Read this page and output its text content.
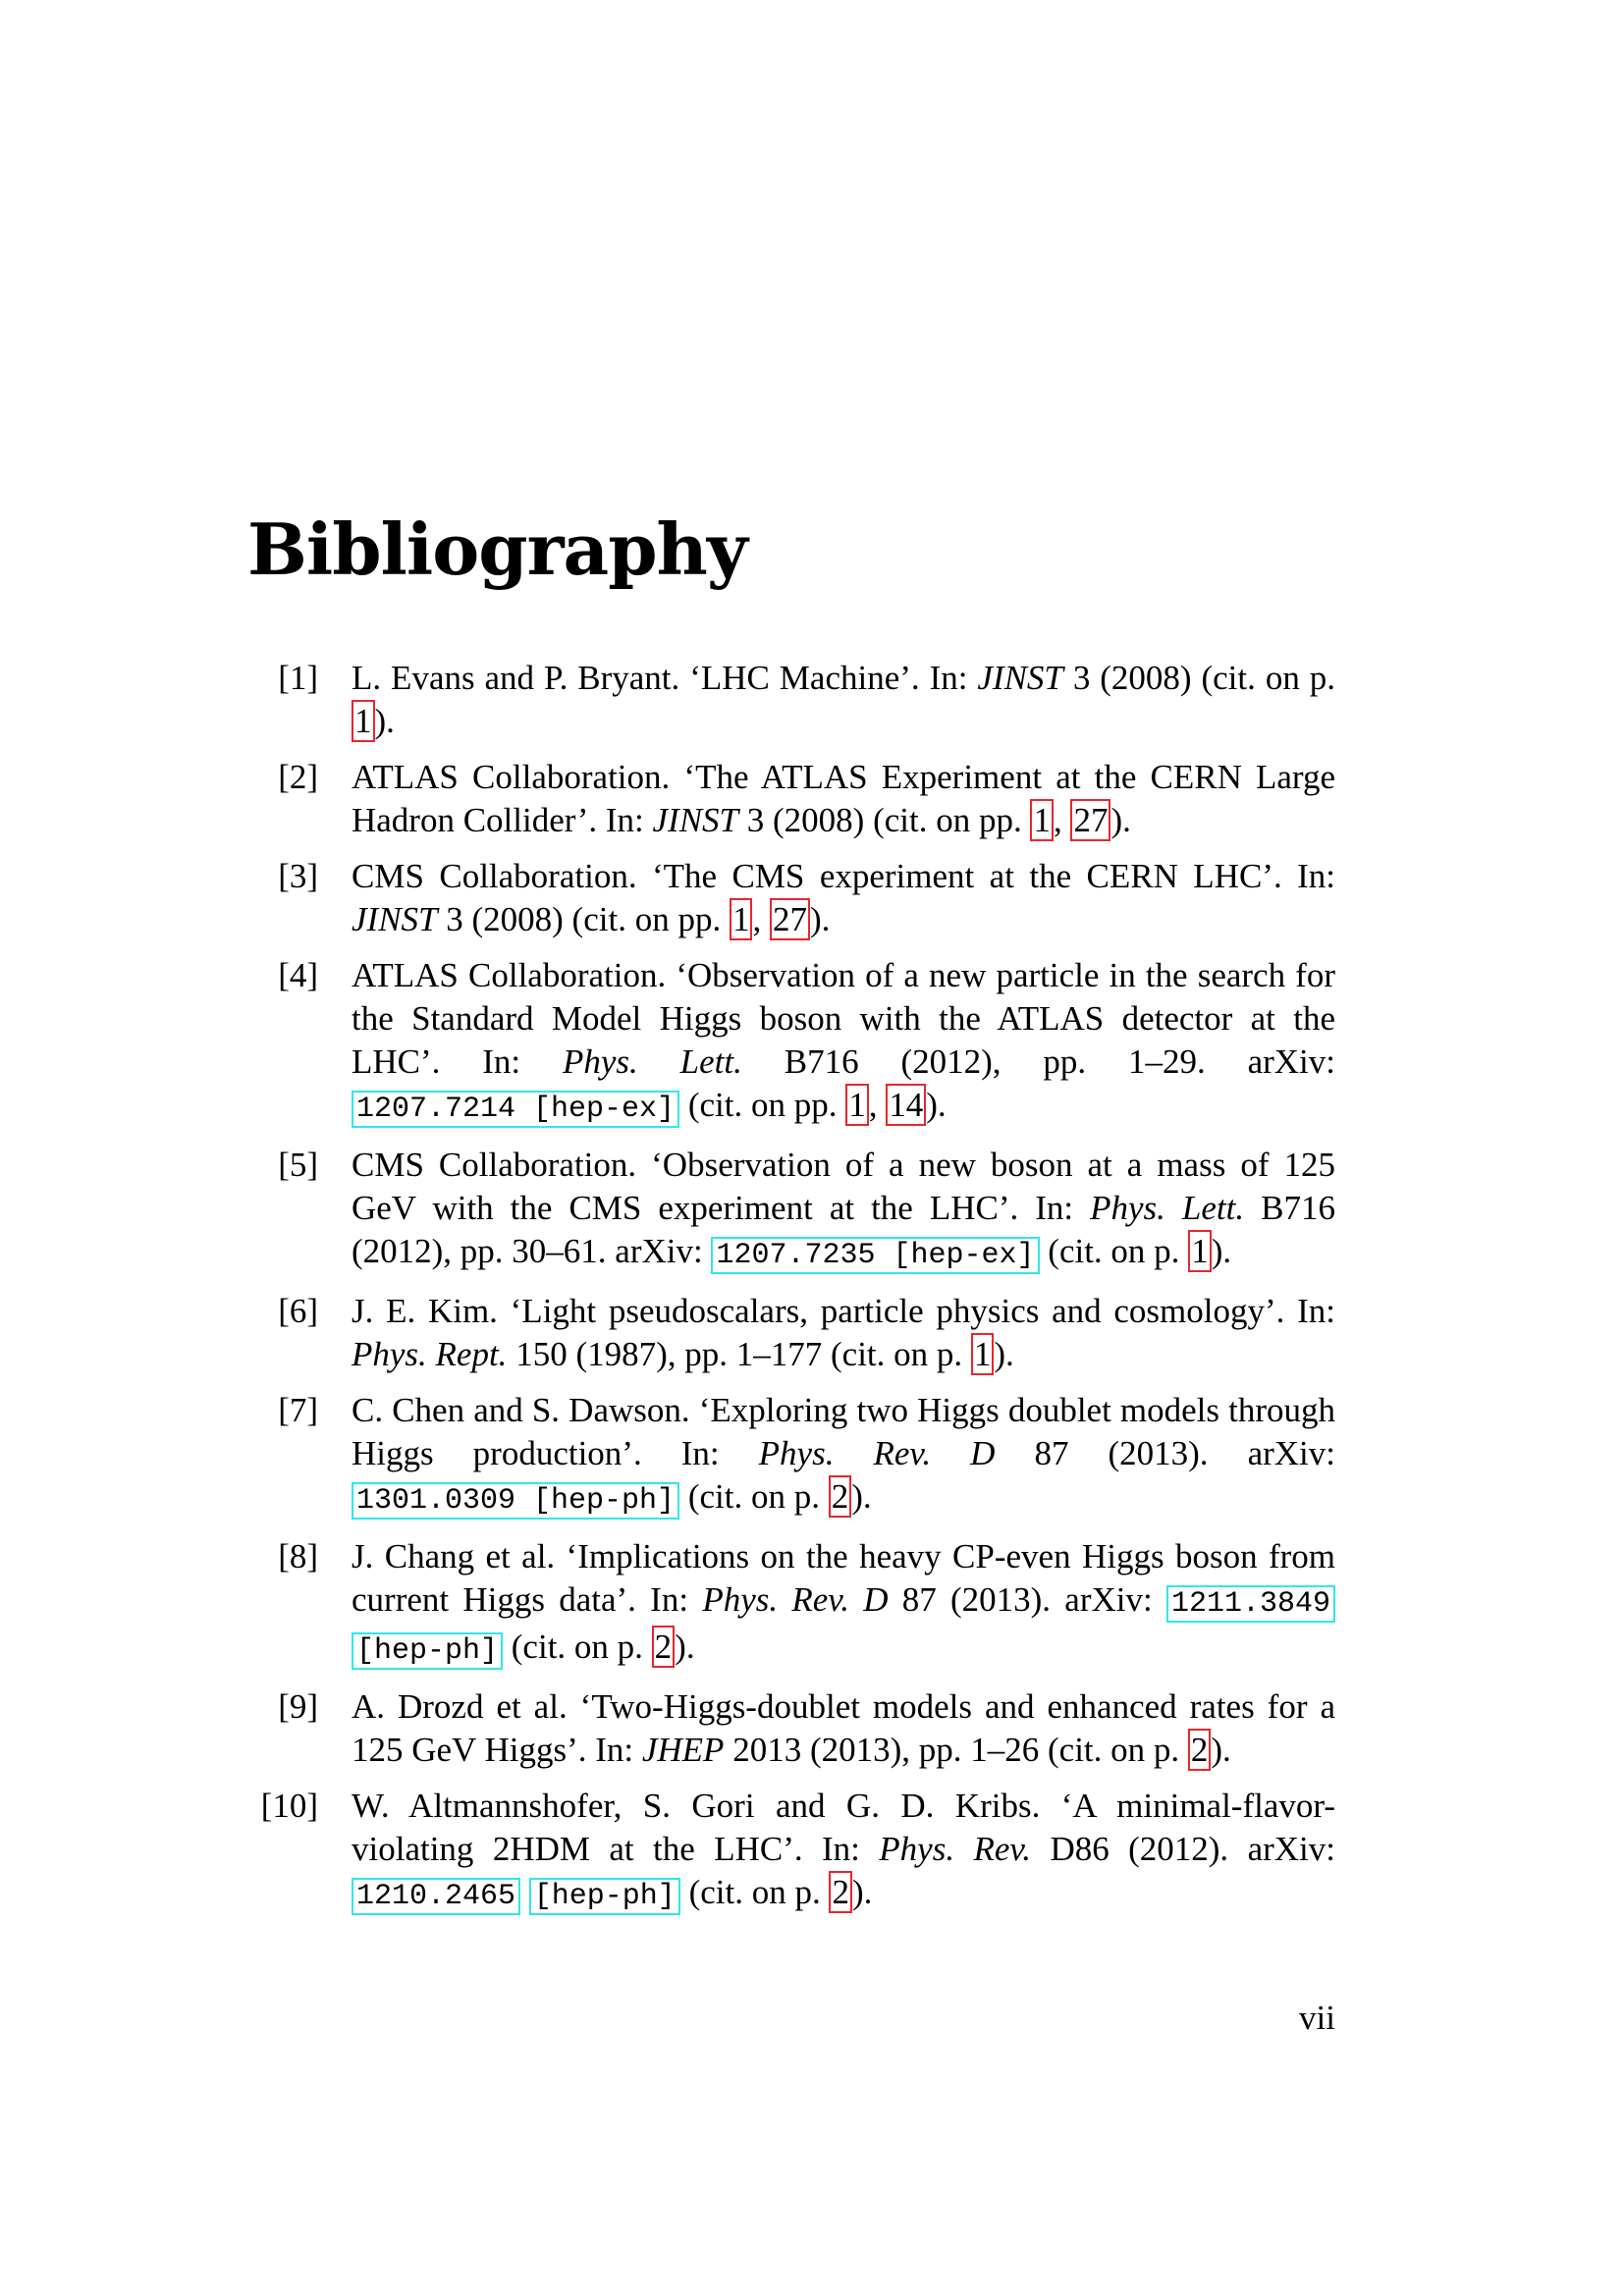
Bibliography
[1] L. Evans and P. Bryant. ‘LHC Machine’. In: JINST 3 (2008) (cit. on p. 1).
[2] ATLAS Collaboration. ‘The ATLAS Experiment at the CERN Large Hadron Collider’. In: JINST 3 (2008) (cit. on pp. 1, 27).
[3] CMS Collaboration. ‘The CMS experiment at the CERN LHC’. In: JINST 3 (2008) (cit. on pp. 1, 27).
[4] ATLAS Collaboration. ‘Observation of a new particle in the search for the Standard Model Higgs boson with the ATLAS detector at the LHC’. In: Phys. Lett. B716 (2012), pp. 1–29. arXiv: 1207.7214 [hep-ex] (cit. on pp. 1, 14).
[5] CMS Collaboration. ‘Observation of a new boson at a mass of 125 GeV with the CMS experiment at the LHC’. In: Phys. Lett. B716 (2012), pp. 30–61. arXiv: 1207.7235 [hep-ex] (cit. on p. 1).
[6] J. E. Kim. ‘Light pseudoscalars, particle physics and cosmology’. In: Phys. Rept. 150 (1987), pp. 1–177 (cit. on p. 1).
[7] C. Chen and S. Dawson. ‘Exploring two Higgs doublet models through Higgs production’. In: Phys. Rev. D 87 (2013). arXiv: 1301.0309 [hep-ph] (cit. on p. 2).
[8] J. Chang et al. ‘Implications on the heavy CP-even Higgs boson from current Higgs data’. In: Phys. Rev. D 87 (2013). arXiv: 1211.3849 [hep-ph] (cit. on p. 2).
[9] A. Drozd et al. ‘Two-Higgs-doublet models and enhanced rates for a 125 GeV Higgs’. In: JHEP 2013 (2013), pp. 1–26 (cit. on p. 2).
[10] W. Altmannshofer, S. Gori and G. D. Kribs. ‘A minimal-flavor-violating 2HDM at the LHC’. In: Phys. Rev. D86 (2012). arXiv: 1210.2465 [hep-ph] (cit. on p. 2).
vii
